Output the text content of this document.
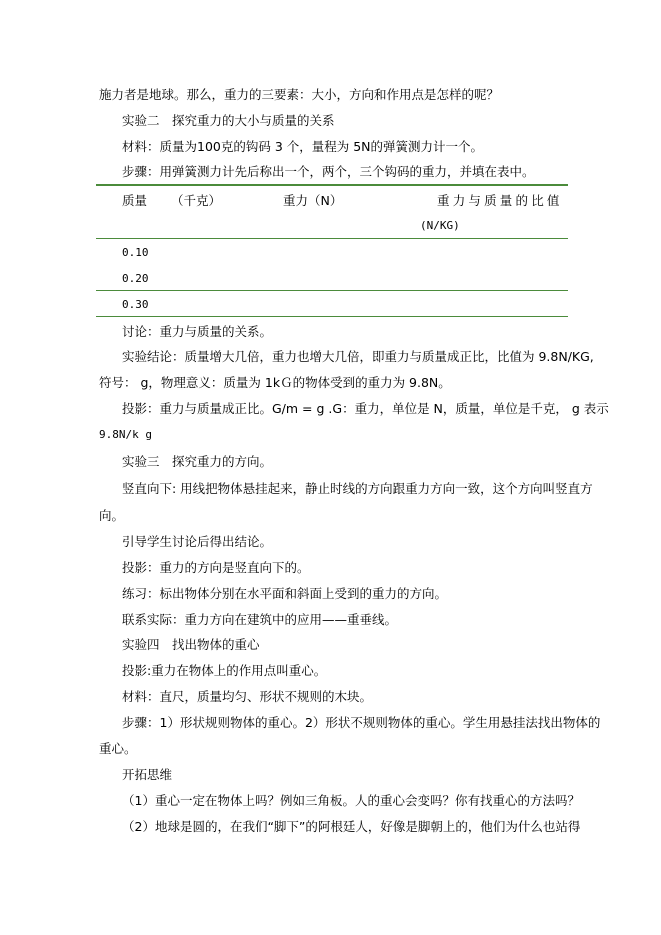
施力者是地球。那么，重力的三要素：大小，方向和作用点是怎样的呢？
实验二　探究重力的大小与质量的关系
材料：质量为100克的钩码 3 个，量程为 5N的弹簧测力计一个。
步骤：用弹簧测力计先后称出一个，两个，三个钩码的重力，并填在表中。
质量 （千克）	重力（N）	重力与质量的比值
(N/KG)
0.10
0.20
0.30
讨论：重力与质量的关系。
实验结论：质量增大几倍，重力也增大几倍，即重力与质量成正比，比值为 9.8N/KG,
符号： g，物理意义：质量为 1kＧ的物体受到的重力为 9.8N。
投影：重力与质量成正比。G/m = g .G：重力，单位是 N，质量，单位是千克， g 表示
9.8N/k g
实验三　探究重力的方向。
竖直向下: 用线把物体悬挂起来，静止时线的方向跟重力方向一致，这个方向叫竖直方
向。
引导学生讨论后得出结论。
投影：重力的方向是竖直向下的。
练习：标出物体分别在水平面和斜面上受到的重力的方向。
联系实际：重力方向在建筑中的应用——重垂线。
实验四　找出物体的重心
投影:重力在物体上的作用点叫重心。
材料：直尺，质量均匀、形状不规则的木块。
步骤：1）形状规则物体的重心。2）形状不规则物体的重心。学生用悬挂法找出物体的
重心。
开拓思维
（1）重心一定在物体上吗？例如三角板。人的重心会变吗？你有找重心的方法吗？
（2）地球是圆的，在我们“脚下”的阿根廷人，好像是脚朝上的，他们为什么也站得
